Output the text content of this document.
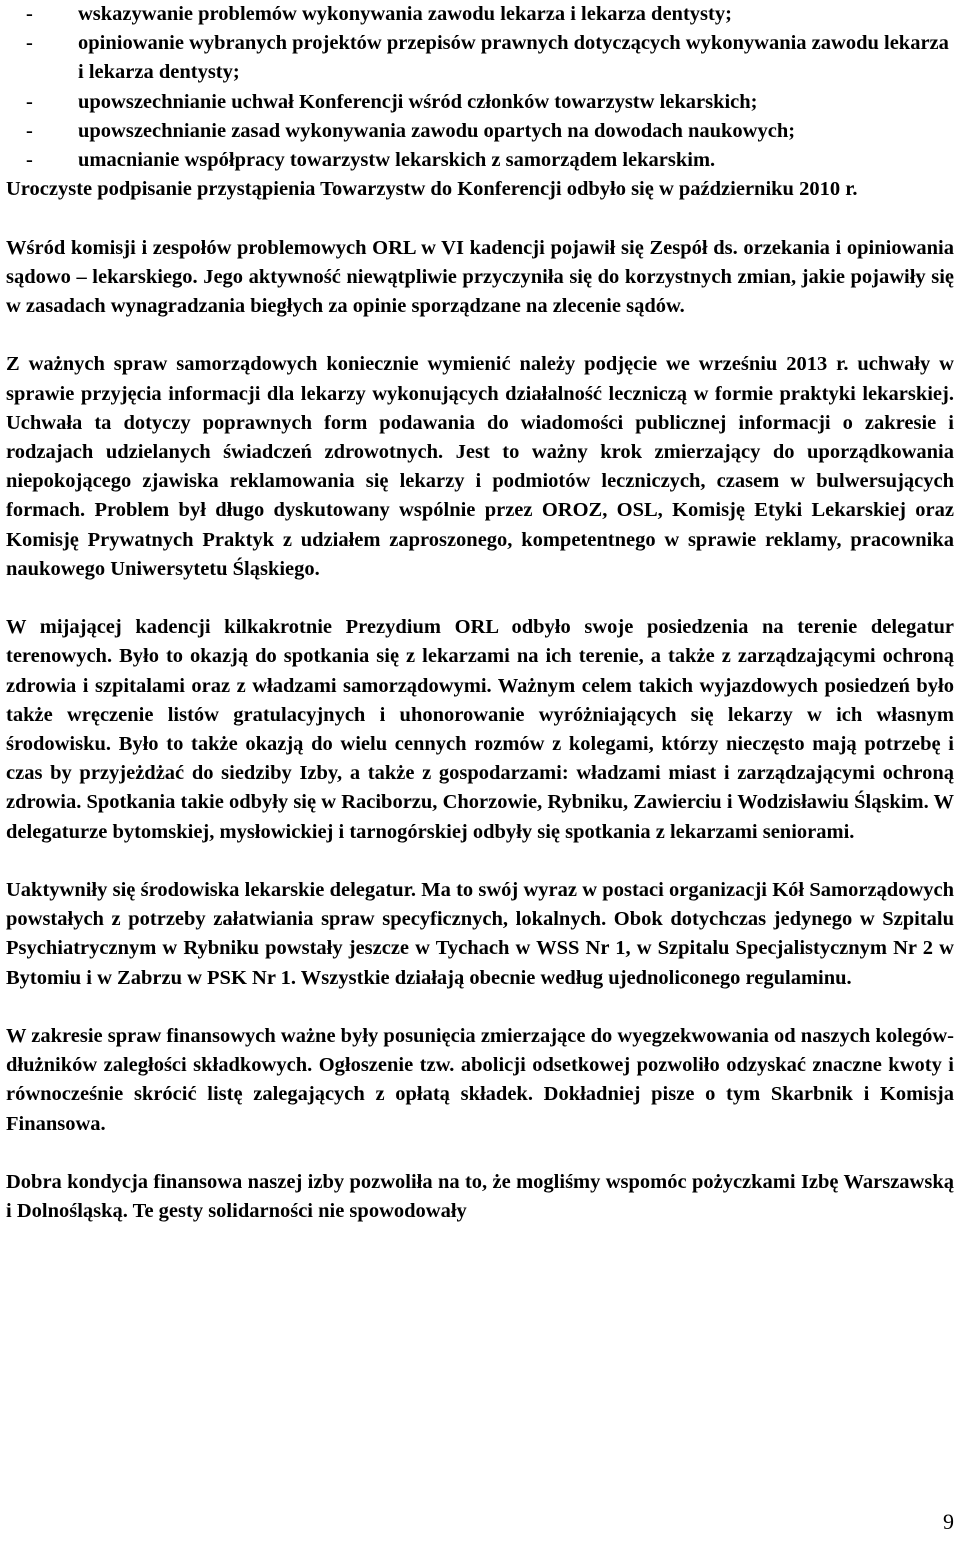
- wskazywanie problemów wykonywania zawodu lekarza i lekarza dentysty;
- opiniowanie wybranych projektów przepisów prawnych dotyczących wykonywania zawodu lekarza i lekarza dentysty;
- upowszechnianie uchwał Konferencji wśród członków towarzystw lekarskich;
- upowszechnianie zasad wykonywania zawodu opartych na dowodach naukowych;
- umacnianie współpracy towarzystw lekarskich z samorządem lekarskim.

Uroczyste podpisanie przystąpienia Towarzystw do Konferencji odbyło się w październiku 2010 r.

Wśród komisji i zespołów problemowych ORL w VI kadencji pojawił się Zespół ds. orzekania i opiniowania sądowo – lekarskiego. Jego aktywność niewątpliwie przyczyniła się do korzystnych zmian, jakie pojawiły się w zasadach wynagradzania biegłych za opinie sporządzane na zlecenie sądów.

Z ważnych spraw samorządowych koniecznie wymienić należy podjęcie we wrześniu 2013 r. uchwały w sprawie przyjęcia informacji dla lekarzy wykonujących działalność leczniczą w formie praktyki lekarskiej. Uchwała ta dotyczy poprawnych form podawania do wiadomości publicznej informacji o zakresie i rodzajach udzielanych świadczeń zdrowotnych. Jest to ważny krok zmierzający do uporządkowania niepokojącego zjawiska reklamowania się lekarzy i podmiotów leczniczych, czasem w bulwersujących formach. Problem był długo dyskutowany wspólnie przez OROZ, OSL, Komisję Etyki Lekarskiej oraz Komisję Prywatnych Praktyk z udziałem zaproszonego, kompetentnego w sprawie reklamy, pracownika naukowego Uniwersytetu Śląskiego.

W mijającej kadencji kilkakrotnie Prezydium ORL odbyło swoje posiedzenia na terenie delegatur terenowych. Było to okazją do spotkania się z lekarzami na ich terenie, a także z zarządzającymi ochroną zdrowia i szpitalami oraz z władzami samorządowymi. Ważnym celem takich wyjazdowych posiedzeń było także wręczenie listów gratulacyjnych i uhonorowanie wyróżniających się lekarzy w ich własnym środowisku. Było to także okazją do wielu cennych rozmów z kolegami, którzy nieczęsto mają potrzebę i czas by przyjeżdżać do siedziby Izby, a także z gospodarzami: władzami miast i zarządzającymi ochroną zdrowia. Spotkania takie odbyły się w Raciborzu, Chorzowie, Rybniku, Zawierciu i Wodzisławiu Śląskim. W delegaturze bytomskiej, mysłowickiej i tarnogórskiej odbyły się spotkania z lekarzami seniorami.

Uaktywniły się środowiska lekarskie delegatur. Ma to swój wyraz w postaci organizacji Kół Samorządowych powstałych z potrzeby załatwiania spraw specyficznych, lokalnych. Obok dotychczas jedynego w Szpitalu Psychiatrycznym w Rybniku powstały jeszcze w Tychach w WSS Nr 1, w Szpitalu Specjalistycznym Nr 2 w Bytomiu i w Zabrzu w PSK Nr 1. Wszystkie działają obecnie według ujednoliconego regulaminu.

W zakresie spraw finansowych ważne były posunięcia zmierzające do wyegzekwowania od naszych kolegów- dłużników zaległości składkowych. Ogłoszenie tzw. abolicji odsetkowej pozwoliło odzyskać znaczne kwoty i równocześnie skrócić listę zalegających z opłatą składek. Dokładniej pisze o tym Skarbnik i Komisja Finansowa.

Dobra kondycja finansowa naszej izby pozwoliła na to, że mogliśmy wspomóc pożyczkami Izbę Warszawską i Dolnośląską. Te gesty solidarności nie spowodowały

9
